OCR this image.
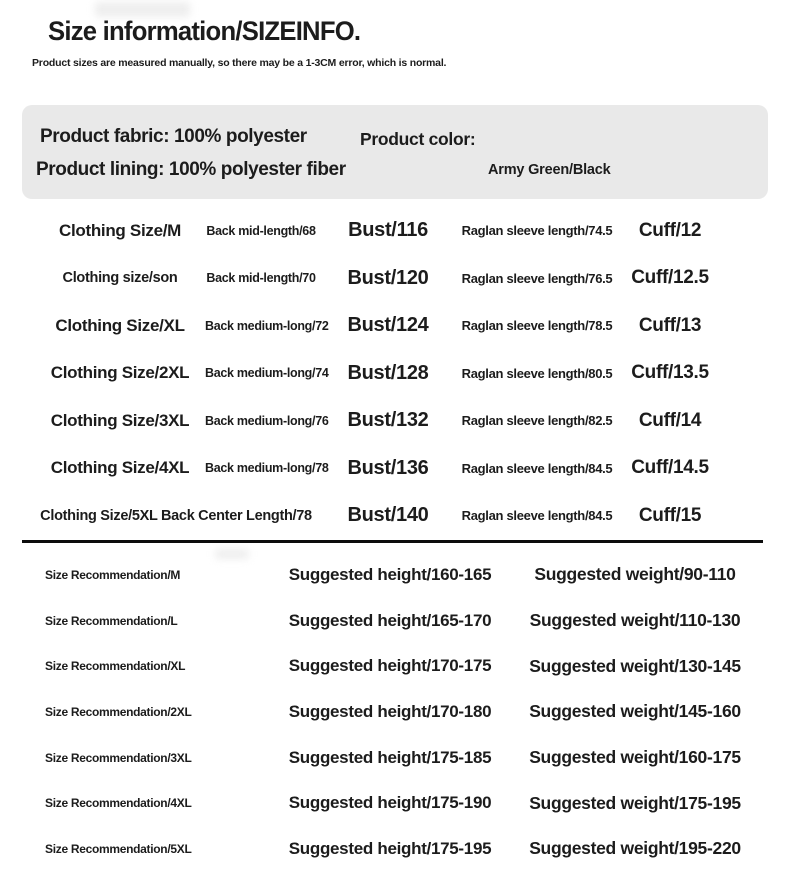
Size information/SIZEINFO.
Product sizes are measured manually, so there may be a 1-3CM error, which is normal.
Product fabric: 100% polyester
Product lining: 100% polyester fiber
Product color:
Army Green/Black
Clothing Size/M	Back mid-length/68	Bust/116	Raglan sleeve length/74.5	Cuff/12
Clothing size/son	Back mid-length/70	Bust/120	Raglan sleeve length/76.5 Cuff/12.5
Clothing Size/XL	Back medium-long/72 Bust/124	Raglan sleeve length/78.5	Cuff/13
Clothing Size/2XL	Back medium-long/74 Bust/128	Raglan sleeve length/80.5 Cuff/13.5
Clothing Size/3XL	Back medium-long/76 Bust/132	Raglan sleeve length/82.5	Cuff/14
Clothing Size/4XL	Back medium-long/78 Bust/136	Raglan sleeve length/84.5 Cuff/14.5
Clothing Size/5XL Back Center Length/78	Bust/140	Raglan sleeve length/84.5	Cuff/15
Size Recommendation/M	Suggested height/160-165	Suggested weight/90-110
Size Recommendation/L	Suggested height/165-170	Suggested weight/110-130
Size Recommendation/XL	Suggested height/170-175	Suggested weight/130-145
Size Recommendation/2XL	Suggested height/170-180	Suggested weight/145-160
Size Recommendation/3XL	Suggested height/175-185	Suggested weight/160-175
Size Recommendation/4XL	Suggested height/175-190	Suggested weight/175-195
Size Recommendation/5XL	Suggested height/175-195	Suggested weight/195-220
